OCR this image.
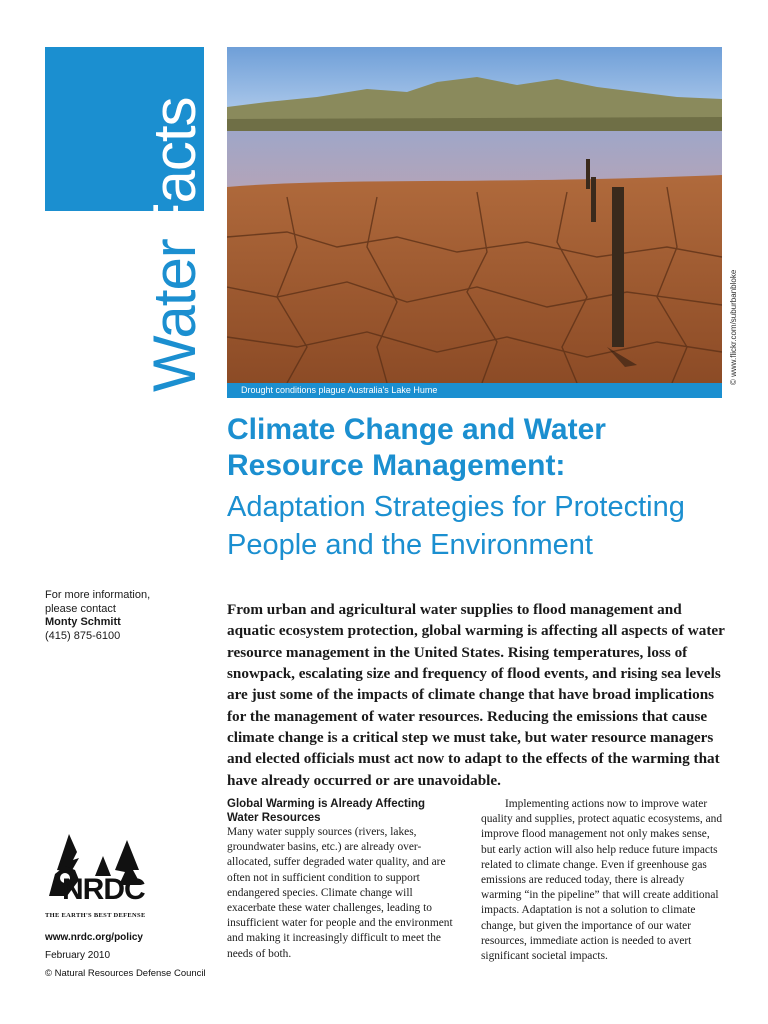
WaterFacts
Drought conditions plague Australia's Lake Hume
© www.flickr.com/suburbanbloke
Climate Change and Water Resource Management:
Adaptation Strategies for Protecting People and the Environment
For more information,
please contact
Monty Schmitt
(415) 875-6100

From urban and agricultural water supplies to flood management and aquatic ecosystem protection, global warming is affecting all aspects of water resource management in the United States. Rising temperatures, loss of snowpack, escalating size and frequency of flood events, and rising sea levels are just some of the impacts of climate change that have broad implications for the management of water resources. Reducing the emissions that cause climate change is a critical step we must take, but water resource managers and elected officials must act now to adapt to the effects of the warming that have already occurred or are unavoidable.

Global Warming is Already Affecting Water Resources

Many water supply sources (rivers, lakes, groundwater basins, etc.) are already over-allocated, suffer degraded water quality, and are often not in sufficient condition to support endangered species. Climate change will exacerbate these water challenges, leading to insufficient water for people and the environment and making it increasingly difficult to meet the needs of both.

Implementing actions now to improve water quality and supplies, protect aquatic ecosystems, and improve flood management not only makes sense, but early action will also help reduce future impacts related to climate change. Even if greenhouse gas emissions are reduced today, there is already warming “in the pipeline” that will create additional impacts. Adaptation is not a solution to climate change, but given the importance of our water resources, immediate action is needed to avert significant societal impacts.

NRDC
THE EARTH'S BEST DEFENSE
www.nrdc.org/policy
February 2010
© Natural Resources Defense Council
